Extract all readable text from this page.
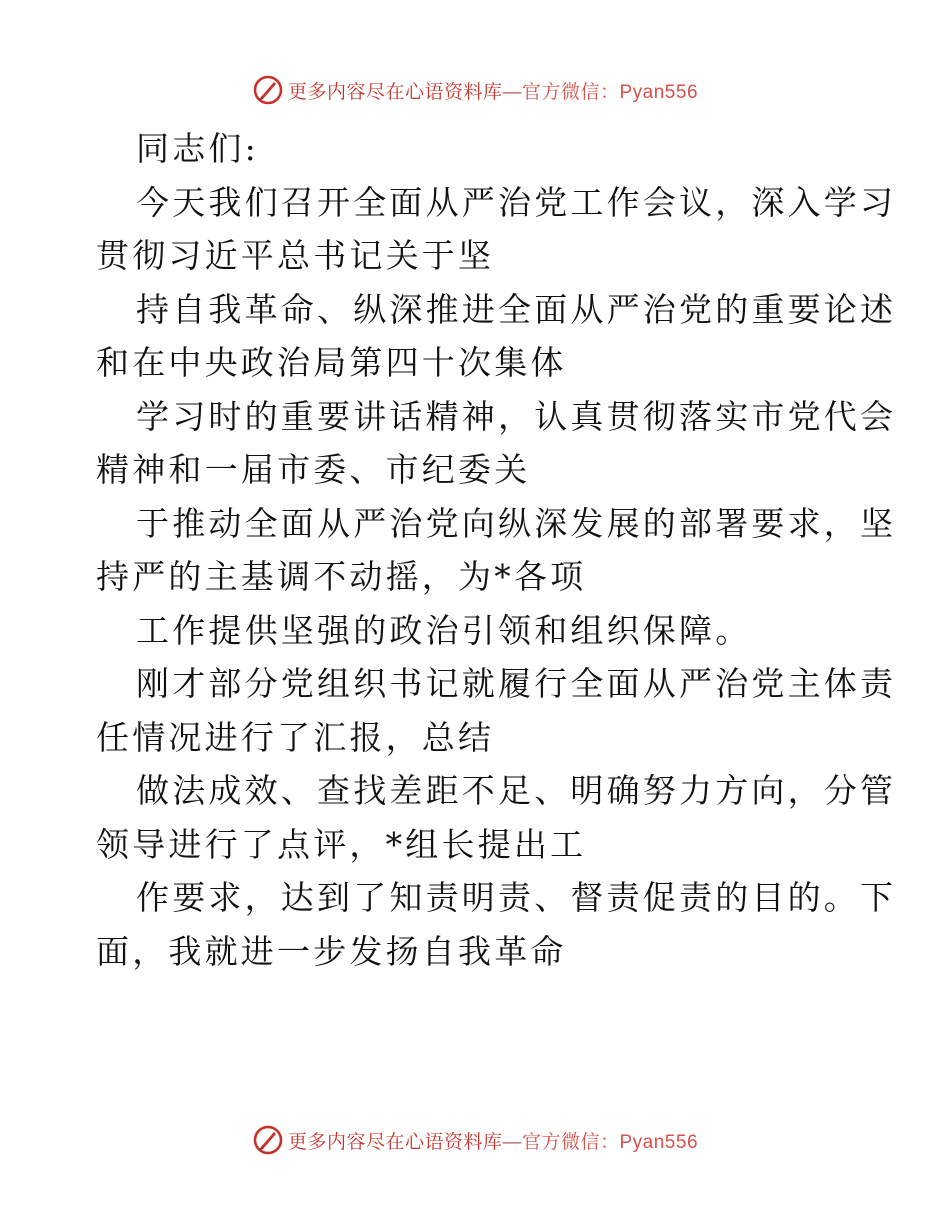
更多内容尽在心语资料库—官方微信：Pyan556
同志们:
今天我们召开全面从严治党工作会议，深入学习
贯彻习近平总书记关于坚
持自我革命、纵深推进全面从严治党的重要论述
和在中央政治局第四十次集体
学习时的重要讲话精神，认真贯彻落实市党代会
精神和一届市委、市纪委关
于推动全面从严治党向纵深发展的部署要求，坚
持严的主基调不动摇，为*各项
工作提供坚强的政治引领和组织保障。
刚才部分党组织书记就履行全面从严治党主体责
任情况进行了汇报，总结
做法成效、查找差距不足、明确努力方向，分管
领导进行了点评，*组长提出工
作要求，达到了知责明责、督责促责的目的。下
面，我就进一步发扬自我革命
更多内容尽在心语资料库—官方微信：Pyan556
